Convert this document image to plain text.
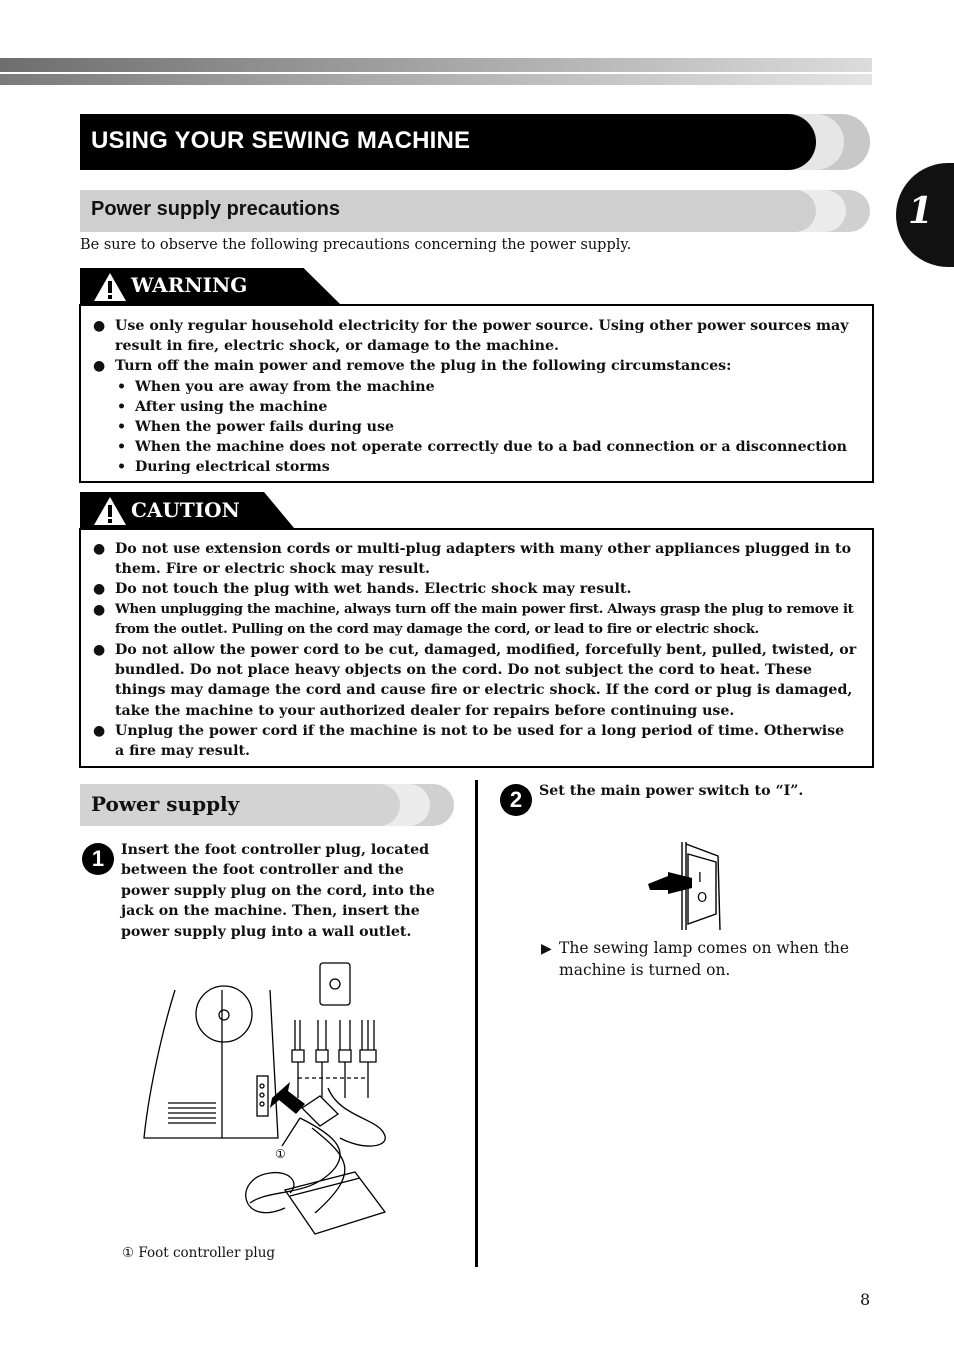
1
USING YOUR SEWING MACHINE
Power supply precautions
Be sure to observe the following precautions concerning the power supply.
WARNING
● Use only regular household electricity for the power source. Using other power sources may result in fire, electric shock, or damage to the machine.
● Turn off the main power and remove the plug in the following circumstances:
• When you are away from the machine
• After using the machine
• When the power fails during use
• When the machine does not operate correctly due to a bad connection or a disconnection
• During electrical storms
CAUTION
● Do not use extension cords or multi-plug adapters with many other appliances plugged in to them. Fire or electric shock may result.
● Do not touch the plug with wet hands. Electric shock may result.
● When unplugging the machine, always turn off the main power first. Always grasp the plug to remove it from the outlet. Pulling on the cord may damage the cord, or lead to fire or electric shock.
● Do not allow the power cord to be cut, damaged, modified, forcefully bent, pulled, twisted, or bundled. Do not place heavy objects on the cord. Do not subject the cord to heat. These things may damage the cord and cause fire or electric shock. If the cord or plug is damaged, take the machine to your authorized dealer for repairs before continuing use.
● Unplug the power cord if the machine is not to be used for a long period of time. Otherwise a fire may result.
Power supply
1	Insert the foot controller plug, located between the foot controller and the power supply plug on the cord, into the jack on the machine. Then, insert the power supply plug into a wall outlet.
①
① Foot controller plug
2	Set the main power switch to “I”.
I
O
▶ The sewing lamp comes on when the machine is turned on.
8
